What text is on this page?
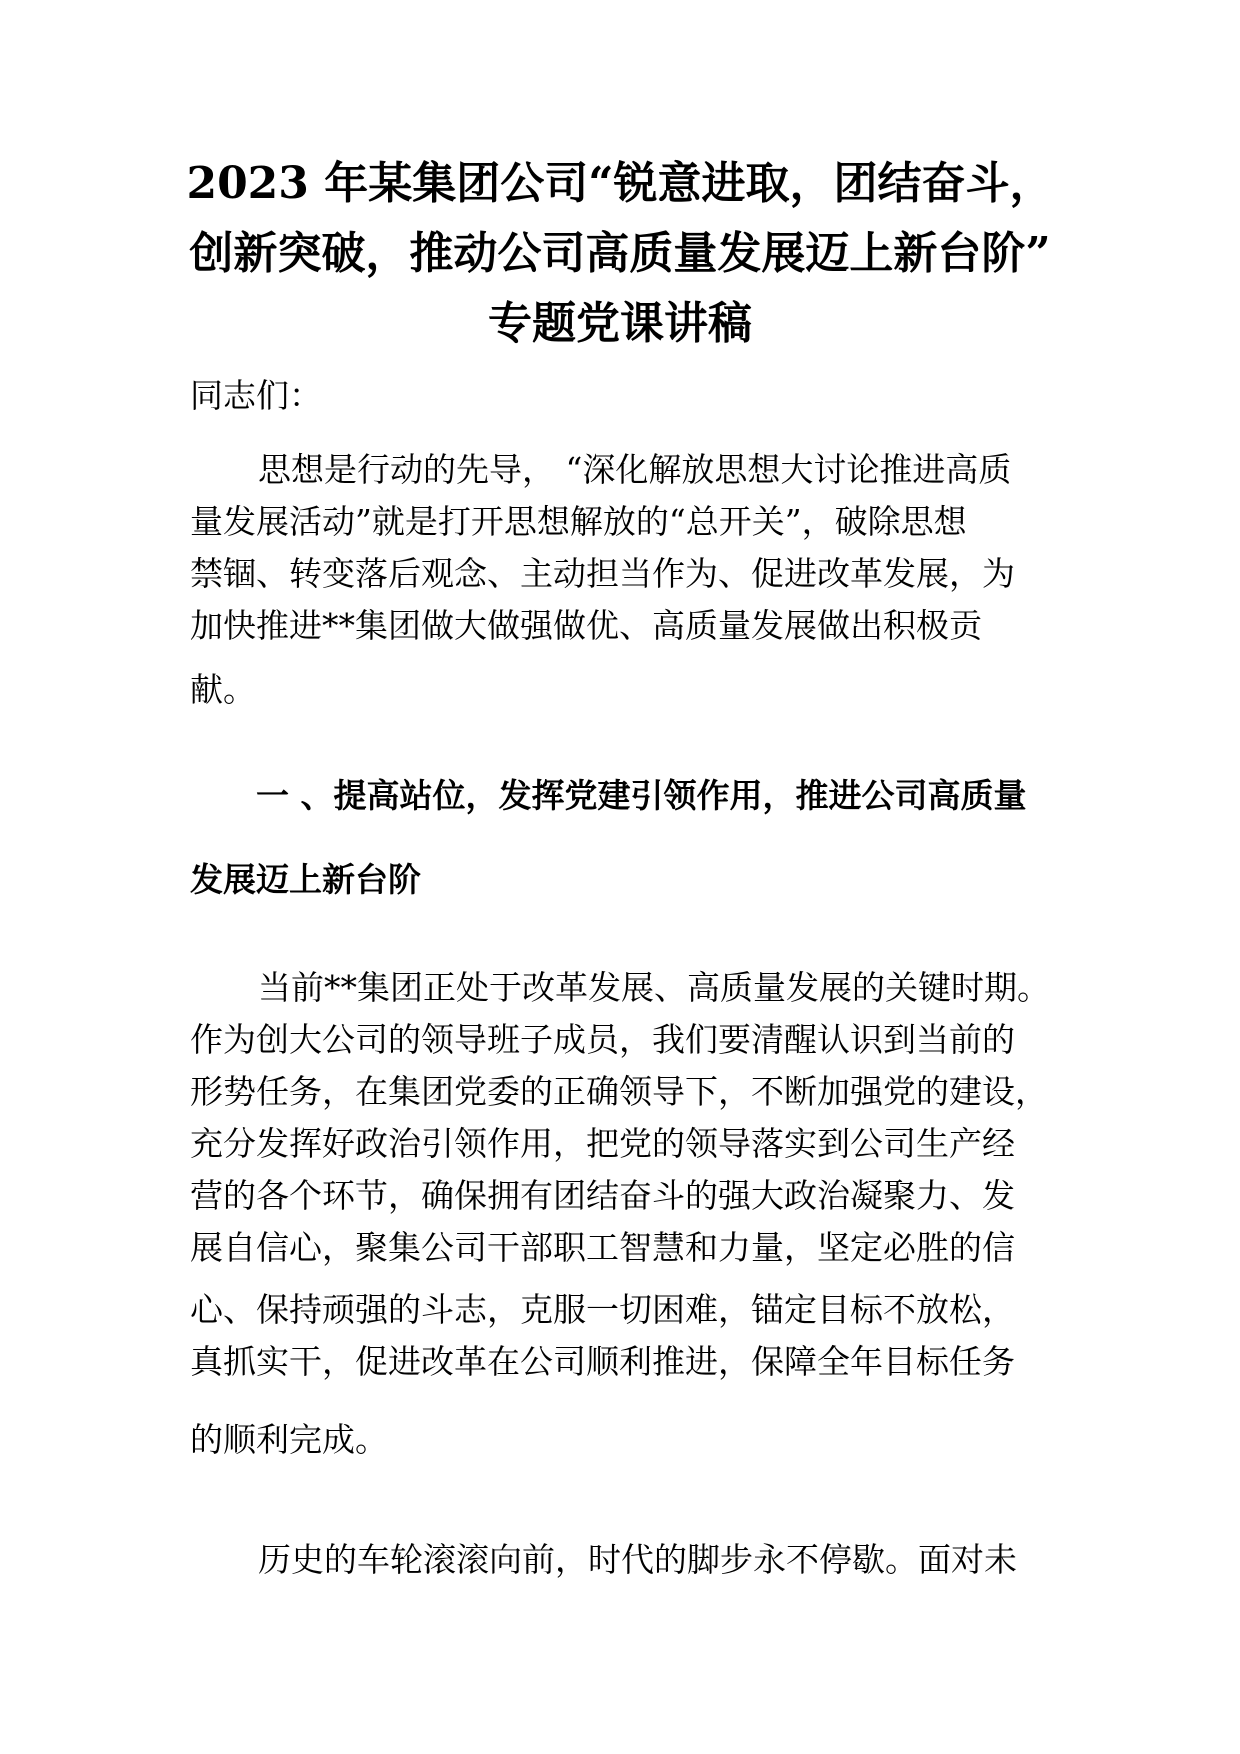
2023 年某集团公司“锐意进取，团结奋斗，
创新突破，推动公司高质量发展迈上新台阶”
专题党课讲稿
同志们：
思想是行动的先导， “深化解放思想大讨论推进高质
量发展活动”就是打开思想解放的“总开关”，破除思想
禁锢、转变落后观念、主动担当作为、促进改革发展，为
加快推进**集团做大做强做优、高质量发展做出积极贡
献。
一 、提高站位，发挥党建引领作用，推进公司高质量
发展迈上新台阶
当前**集团正处于改革发展、高质量发展的关键时期。
作为创大公司的领导班子成员，我们要清醒认识到当前的
形势任务，在集团党委的正确领导下，不断加强党的建设，
充分发挥好政治引领作用，把党的领导落实到公司生产经
营的各个环节，确保拥有团结奋斗的强大政治凝聚力、发
展自信心，聚集公司干部职工智慧和力量，坚定必胜的信
心、保持顽强的斗志，克服一切困难，锚定目标不放松，
真抓实干，促进改革在公司顺利推进，保障全年目标任务
的顺利完成。
历史的车轮滚滚向前，时代的脚步永不停歇。面对未
